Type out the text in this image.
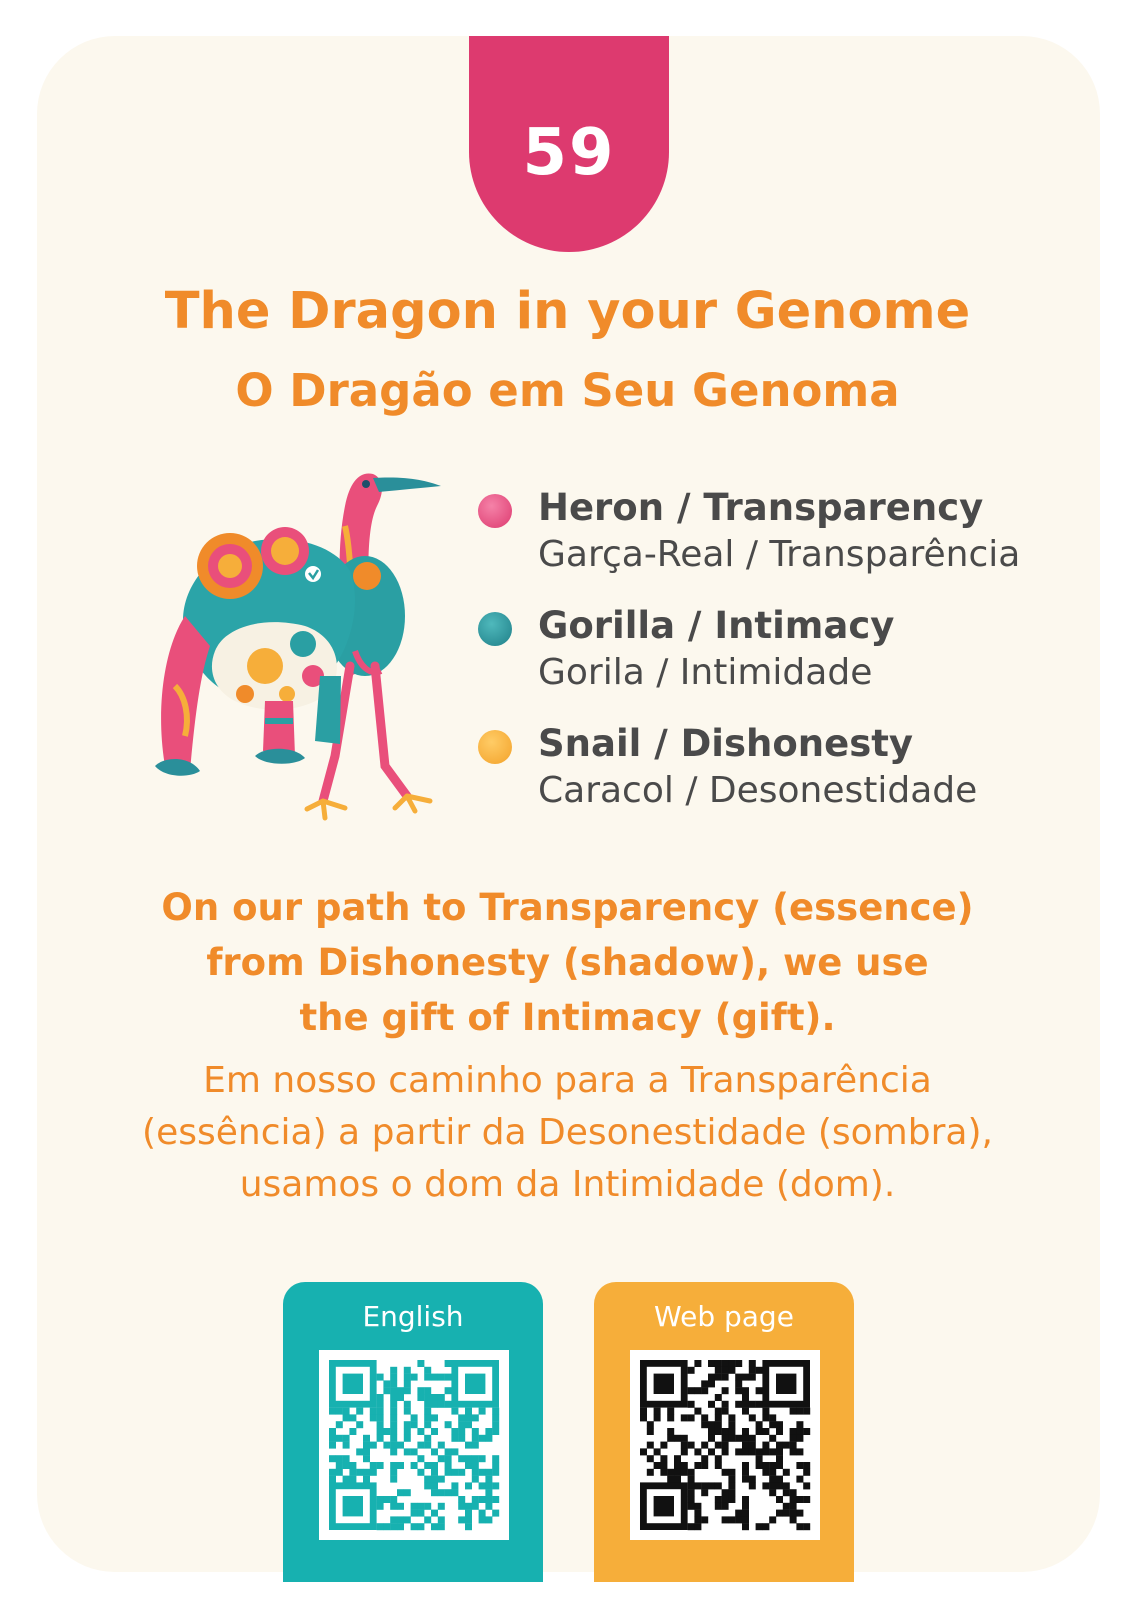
59
The Dragon in your Genome
O Dragão em Seu Genoma
Heron / Transparency
Garça-Real / Transparência
Gorilla / Intimacy
Gorila / Intimidade
Snail / Dishonesty
Caracol / Desonestidade
On our path to Transparency (essence)
from Dishonesty (shadow), we use
the gift of Intimacy (gift).
Em nosso caminho para a Transparência
(essência) a partir da Desonestidade (sombra),
usamos o dom da Intimidade (dom).
English	Web page
